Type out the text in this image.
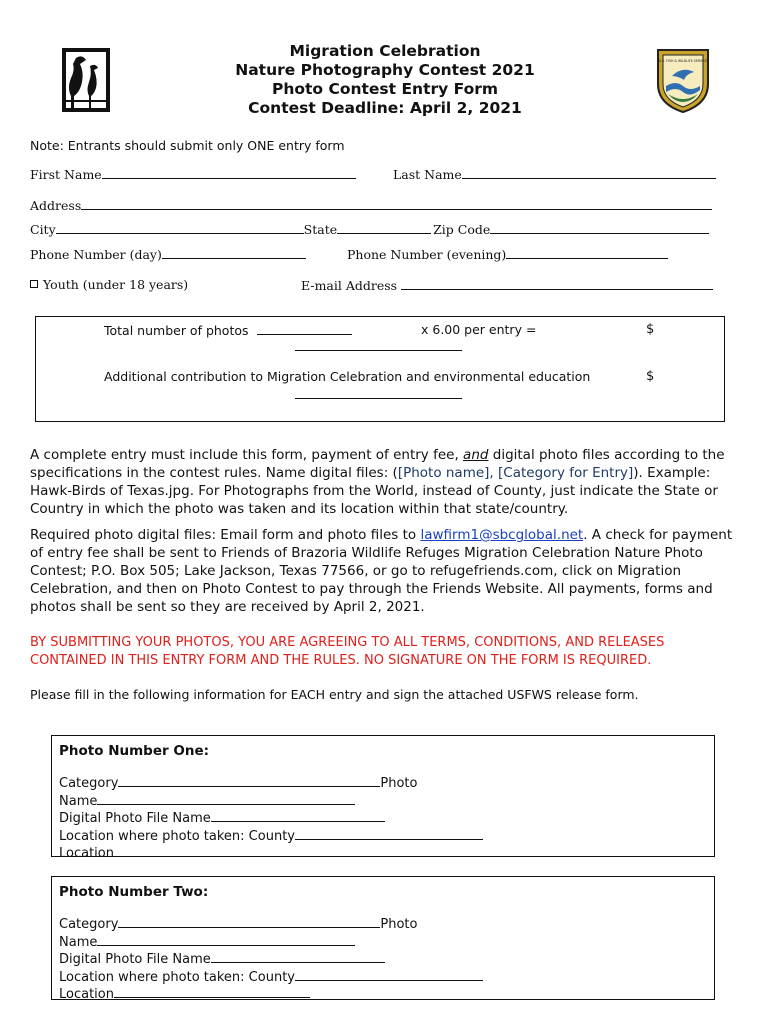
Migration Celebration
Nature Photography Contest 2021
Photo Contest Entry Form
Contest Deadline: April 2, 2021
U.S. FISH & WILDLIFE SERVICE
Note: Entrants should submit only ONE entry form
First Name	Last Name
Address
City	State	Zip Code
Phone Number (day)	Phone Number (evening)
Youth (under 18 years)	E-mail Address
Total number of photos	x 6.00 per entry =	$
Additional contribution to Migration Celebration and environmental education	$
A complete entry must include this form, payment of entry fee, and digital photo files according to the specifications in the contest rules. Name digital files: ([Photo name], [Category for Entry]). Example: Hawk-Birds of Texas.jpg. For Photographs from the World, instead of County, just indicate the State or Country in which the photo was taken and its location within that state/country.
Required photo digital files: Email form and photo files to lawfirm1@sbcglobal.net. A check for payment of entry fee shall be sent to Friends of Brazoria Wildlife Refuges Migration Celebration Nature Photo Contest; P.O. Box 505; Lake Jackson, Texas 77566, or go to refugefriends.com, click on Migration Celebration, and then on Photo Contest to pay through the Friends Website. All payments, forms and photos shall be sent so they are received by April 2, 2021.
BY SUBMITTING YOUR PHOTOS, YOU ARE AGREEING TO ALL TERMS, CONDITIONS, AND RELEASES
CONTAINED IN THIS ENTRY FORM AND THE RULES. NO SIGNATURE ON THE FORM IS REQUIRED.
Please fill in the following information for EACH entry and sign the attached USFWS release form.
Photo Number One:
Category	Photo
Name
Digital Photo File Name
Location where photo taken: County
Location
Photo Number Two:
Category	Photo
Name
Digital Photo File Name
Location where photo taken: County
Location
